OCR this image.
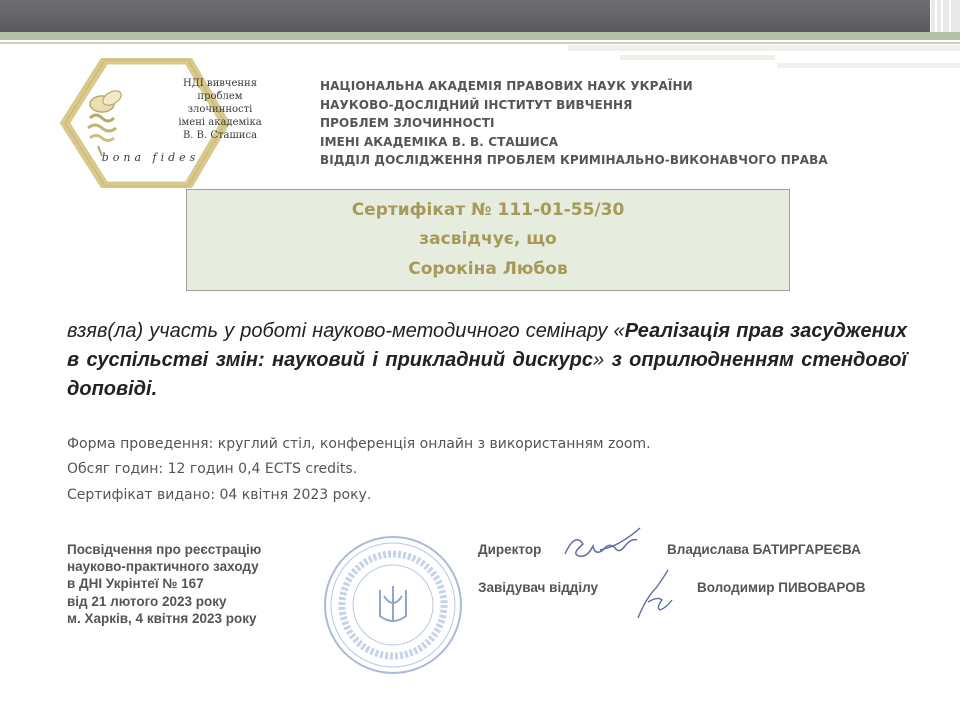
НДІ вивчення
проблем
злочинності
імені академіка
В. В. Сташиса
bona fides
НАЦІОНАЛЬНА АКАДЕМІЯ ПРАВОВИХ НАУК УКРАЇНИ
НАУКОВО-ДОСЛІДНИЙ ІНСТИТУТ ВИВЧЕННЯ
ПРОБЛЕМ ЗЛОЧИННОСТІ
ІМЕНІ АКАДЕМІКА В. В. СТАШИСА
ВІДДІЛ ДОСЛІДЖЕННЯ ПРОБЛЕМ КРИМІНАЛЬНО-ВИКОНАВЧОГО ПРАВА
Сертифікат № 111-01-55/30
засвідчує, що
Сорокіна Любов
взяв(ла) участь у роботі науково-методичного семінару «Реалізація прав засуджених в суспільстві змін: науковий і прикладний дискурс» з оприлюдненням стендової доповіді.
Форма проведення: круглий стіл, конференція онлайн з використанням zoom.
Обсяг годин: 12 годин 0,4 ECTS credits.
Сертифікат видано: 04 квітня 2023 року.
Посвідчення про реєстрацію
науково-практичного заходу
в ДНІ Укрінтеї № 167
від 21 лютого 2023 року
м. Харків, 4 квітня 2023 року
Директор	Владислава БАТИРГАРЕЄВА
Завідувач відділу	Володимир ПИВОВАРОВ
